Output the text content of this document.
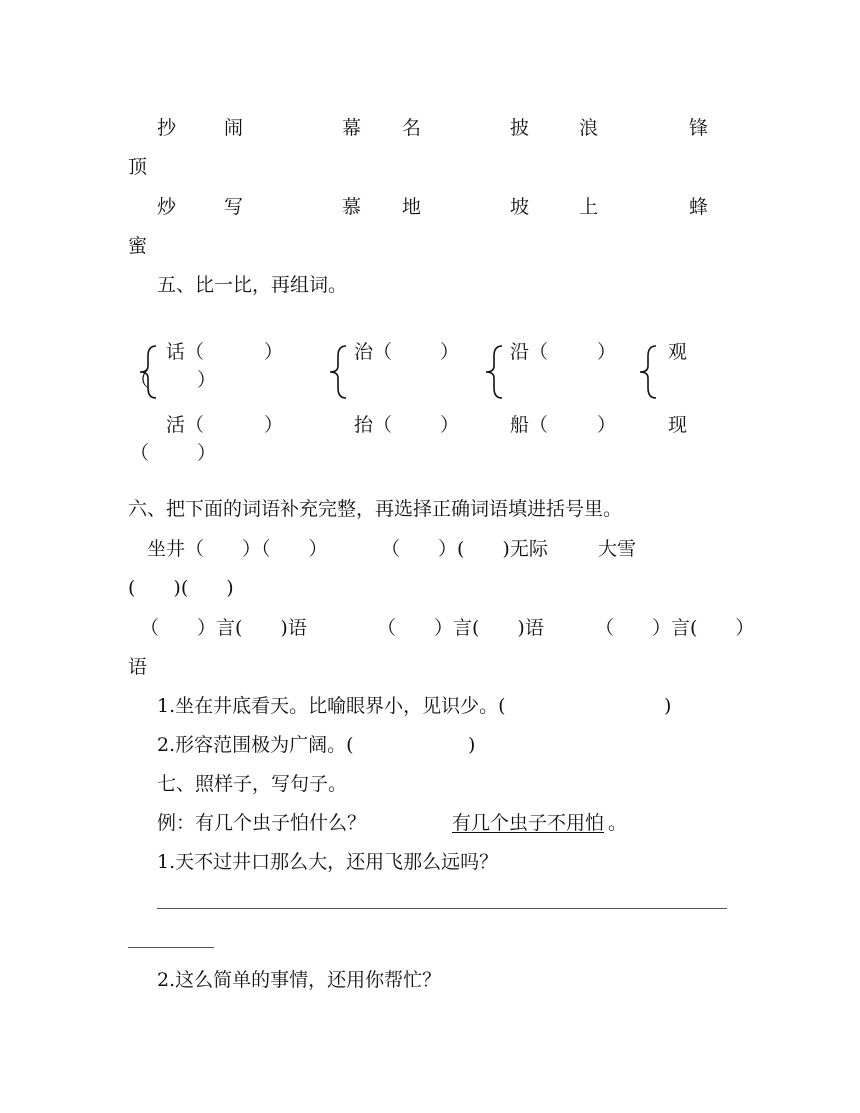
抄	闹	幕 名	披	浪	锋
顶
炒	写	慕 地	坡	上	蜂
蜜
五、比一比，再组词。
话（	）	治（	）	沿（	）	观
（	）
活（	）	抬（	）	船（	）	现
（	）
六、把下面的词语补充完整，再选择正确词语填进括号里。
坐井（　　）（　　）	（　　）(　　)无际	大雪
(　　)(　　)
（　　）言(　　)语	（　　）言(　　)语	（　　）言(　　）
语
1.坐在井底看天。比喻眼界小，见识少。(	)
2.形容范围极为广阔。(	)
七、照样子，写句子。
例：有几个虫子怕什么？	有几个虫子不用怕 。
1.天不过井口那么大，还用飞那么远吗？
2.这么简单的事情，还用你帮忙？
